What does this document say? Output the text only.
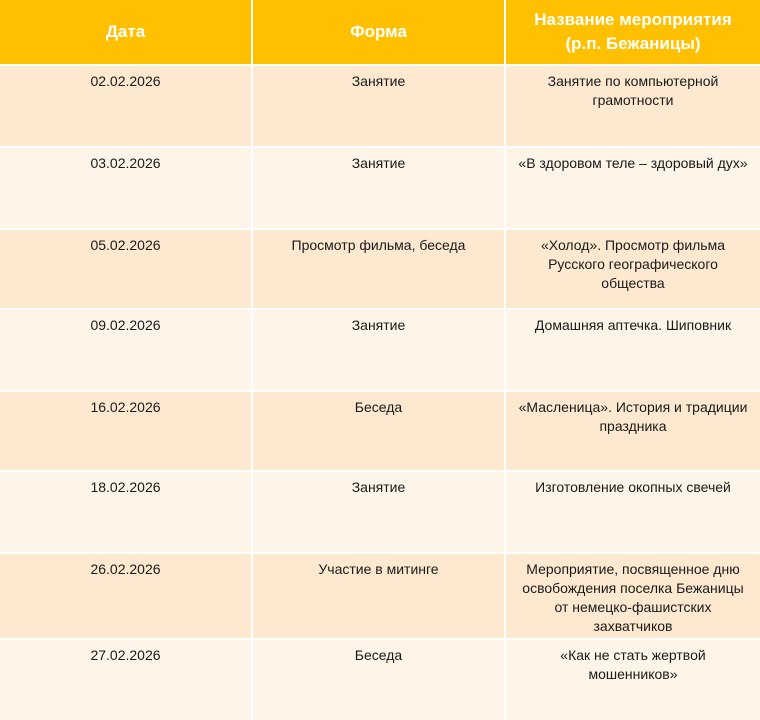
Дата	Форма	Название мероприятия
(р.п. Бежаницы)

02.02.2026	Занятие	Занятие по компьютерной грамотности
03.02.2026	Занятие	«В здоровом теле – здоровый дух»
05.02.2026	Просмотр фильма, беседа	«Холод». Просмотр фильма Русского географического общества
09.02.2026	Занятие	Домашняя аптечка. Шиповник
16.02.2026	Беседа	«Масленица». История и традиции праздника
18.02.2026	Занятие	Изготовление окопных свечей
26.02.2026	Участие в митинге	Мероприятие, посвященное дню освобождения поселка Бежаницы от немецко-фашистских захватчиков
27.02.2026	Беседа	«Как не стать жертвой мошенников»
